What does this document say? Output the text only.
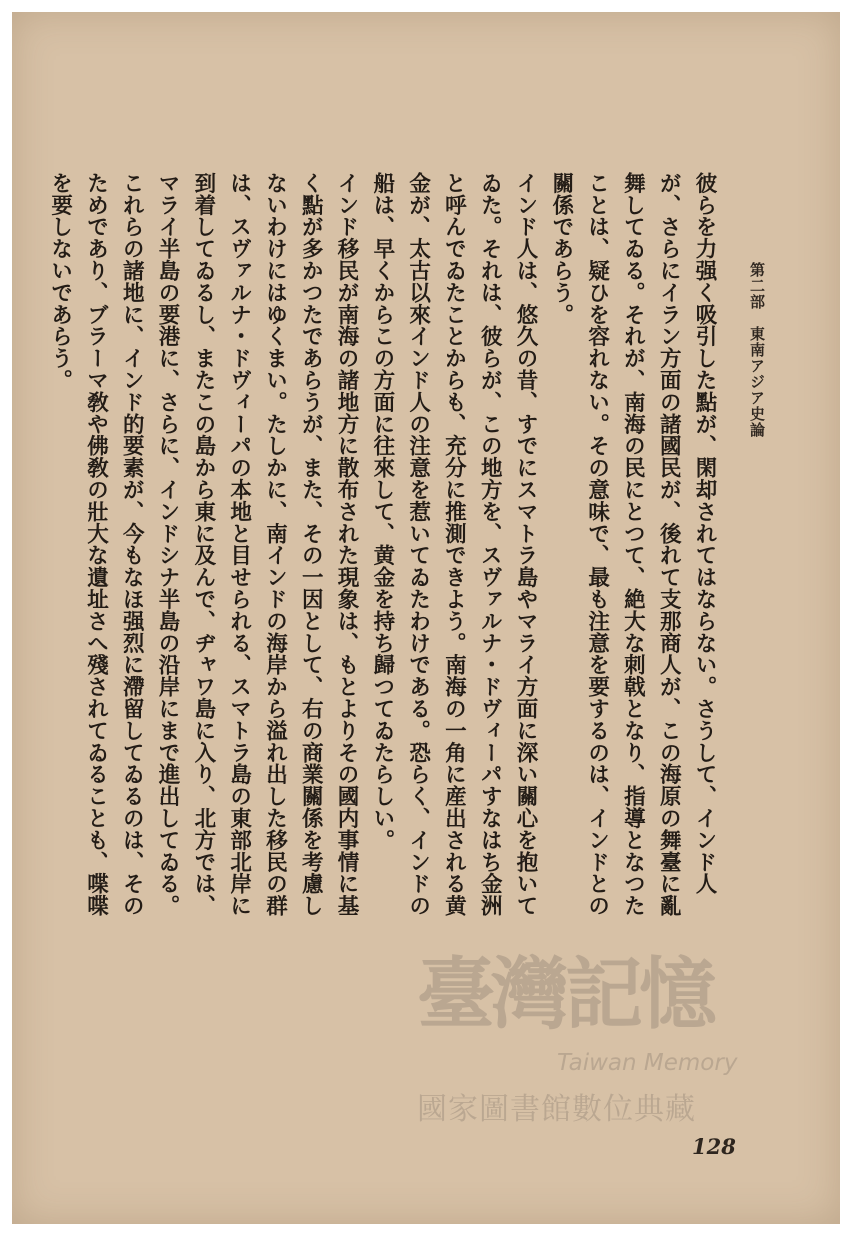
第二部　東南アジア史論

彼らを力强く吸引した點が、閑却されてはならない。さうして、インド人が、さらにイラン方面の諸國民が、後れて支那商人が、この海原の舞臺に亂舞してゐる。それが、南海の民にとつて、絶大な刺戟となり、指導となつたことは、疑ひを容れない。その意味で、最も注意を要するのは、インドとの關係であらう。

インド人は、悠久の昔、すでにスマトラ島やマライ方面に深い關心を抱いてゐた。それは、彼らが、この地方を、スヴァルナ・ドヴィーパすなはち金洲と呼んでゐたことからも、充分に推測できよう。南海の一角に産出される黄金が、太古以來インド人の注意を惹いてゐたわけである。恐らく、インドの船は、早くからこの方面に往來して、黄金を持ち歸つてゐたらしい。

インド移民が南海の諸地方に散布された現象は、もとよりその國内事情に基く點が多かつたであらうが、また、その一因として、右の商業關係を考慮しないわけにはゆくまい。たしかに、南インドの海岸から溢れ出した移民の群は、スヴァルナ・ドヴィーパの本地と目せられる、スマトラ島の東部北岸に到着してゐるし、またこの島から東に及んで、ヂャワ島に入り、北方では、マライ半島の要港に、さらに、インドシナ半島の沿岸にまで進出してゐる。これらの諸地に、インド的要素が、今もなほ强烈に滯留してゐるのは、そのためであり、ブラーマ敎や佛敎の壯大な遺址さへ殘されてゐることも、喋喋を要しないであらう。

臺灣記憶
Taiwan Memory
國家圖書館數位典藏
128
